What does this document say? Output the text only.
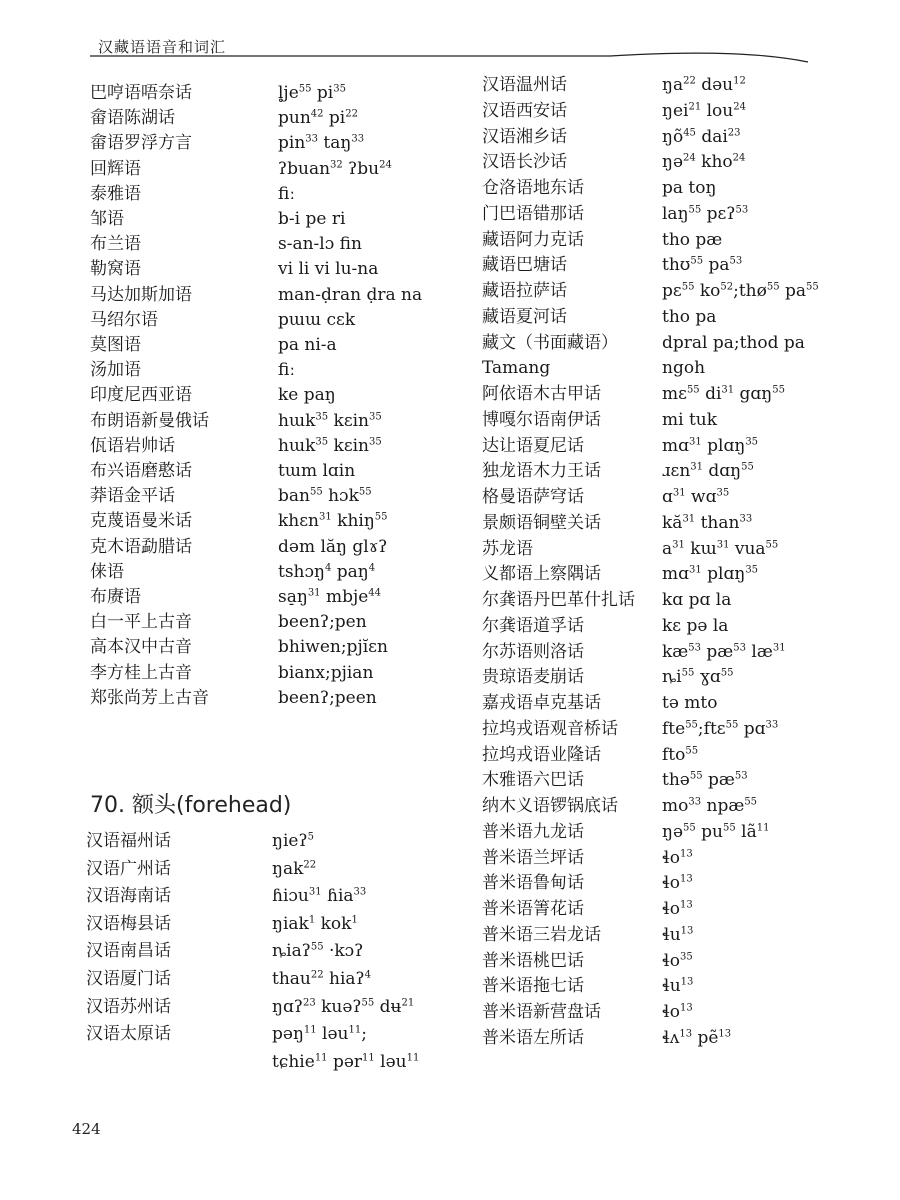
汉藏语语音和词汇
巴哼语唔奈话	$l̥je^{55}$ $pi^{35}$
畲语陈湖话	pun$^{42}$ $pi^{22}$
畲语罗浮方言	pin$^{33}$ taŋ$^{33}$
回辉语	ʔbuan$^{32}$ ʔbu$^{24}$
泰雅语	fiː
邹语	b-i pe ri
布兰语	s-an-lɔ fin
勒窝语	vi li vi lu-na
马达加斯加语	man-ḍran ḍra na
马绍尔语	pɯɯ cɛk
莫图语	pa ni-a
汤加语	fiː
印度尼西亚语	ke paŋ
布朗语新曼俄话	hɯk$^{35}$ kɛin$^{35}$
佤语岩帅话	hɯk$^{35}$ kɛin$^{35}$
布兴语磨憨话	tɯm lɑin
莽语金平话	ban$^{55}$ hɔk$^{55}$
克蔑语曼米话	khɛn$^{31}$ khiŋ$^{55}$
克木语勐腊话	dəm lăŋ glɤʔ
俫语	tshɔŋ$^4$ paŋ$^4$
布赓语	$sa̠ŋ^{31}$ mbje$^{44}$
白一平上古音	beenʔ;pen
高本汉中古音	bhiwen;pjĭɛn
李方桂上古音	bianx;pjian
郑张尚芳上古音	beenʔ;peen
70. 额头(forehead)
汉语福州话	ŋieʔ$^5$
汉语广州话	ŋak$^{22}$
汉语海南话	ɦiɔu$^{31}$ ɦia$^{33}$
汉语梅县话	ŋiak$^1$ kok$^1$
汉语南昌话	ȵiaʔ$^{55}$ ·kɔʔ
汉语厦门话	thau$^{22}$ hiaʔ$^4$
汉语苏州话	ŋɑʔ$^{23}$ kuəʔ$^{55}$ dʉ$^{21}$
汉语太原话	pəŋ$^{11}$ ləu$^{11}$;
tɕhie$^{11}$ pər$^{11}$ ləu$^{11}$
汉语温州话	$ŋa^{22}$ dəu$^{12}$
汉语西安话	ŋei$^{21}$ lou$^{24}$
汉语湘乡话	$ŋõ^{45}$ dai$^{23}$
汉语长沙话	ŋə$^{24}$ kho$^{24}$
仓洛语地东话	pa toŋ
门巴语错那话	laŋ$^{55}$ pɛʔ$^{53}$
藏语阿力克话	tho pæ
藏语巴塘话	thʊ$^{55}$ $pa^{53}$
藏语拉萨话	pɛ$^{55}$ $ko^{52};thø^{55}$ $pa^{55}$
藏语夏河话	tho pa
藏文（书面藏语）	dpral pa;thod pa
Tamang	ngoh
阿依语木古甲话	mɛ$^{55}$ $di^{31}$ gɑŋ$^{55}$
博嘎尔语南伊话	mi tuk
达让语夏尼话	mɑ$^{31}$ plɑŋ$^{35}$
独龙语木力王话	ɹɛn$^{31}$ dɑŋ$^{55}$
格曼语萨穹话	ɑ$^{31}$ wɑ$^{35}$
景颇语铜壁关话	$kă^{31}$ than$^{33}$
苏龙语	$a^{31}$ kɯ$^{31}$ vua$^{55}$
义都语上察隅话	mɑ$^{31}$ plɑŋ$^{35}$
尔龚语丹巴革什扎话 kɑ pɑ la
尔龚语道孚话	kɛ pə la
尔苏语则洛话	$kæ^{53}$ $pæ^{53}$ $læ^{31}$
贵琼语麦崩话	$ȵi^{55}$ ɣɑ$^{55}$
嘉戎语卓克基话	tə mto
拉坞戎语观音桥话	fte$^{55}$;ftɛ$^{55}$ pɑ$^{33}$
拉坞戎语业隆话	fto$^{55}$
木雅语六巴话	thə$^{55}$ $pæ^{53}$
纳木义语锣锅底话	$mo^{33}$ npæ$^{55}$
普米语九龙话	ŋə$^{55}$ $pu^{55}$ $lã^{11}$
普米语兰坪话	ɬo$^{13}$
普米语鲁甸话	ɬo$^{13}$
普米语箐花话	ɬo$^{13}$
普米语三岩龙话	ɬu$^{13}$
普米语桃巴话	ɬo$^{35}$
普米语拖七话	ɬu$^{13}$
普米语新营盘话	ɬo$^{13}$
普米语左所话	ɬʌ$^{13}$ pẽ$^{13}$
424
